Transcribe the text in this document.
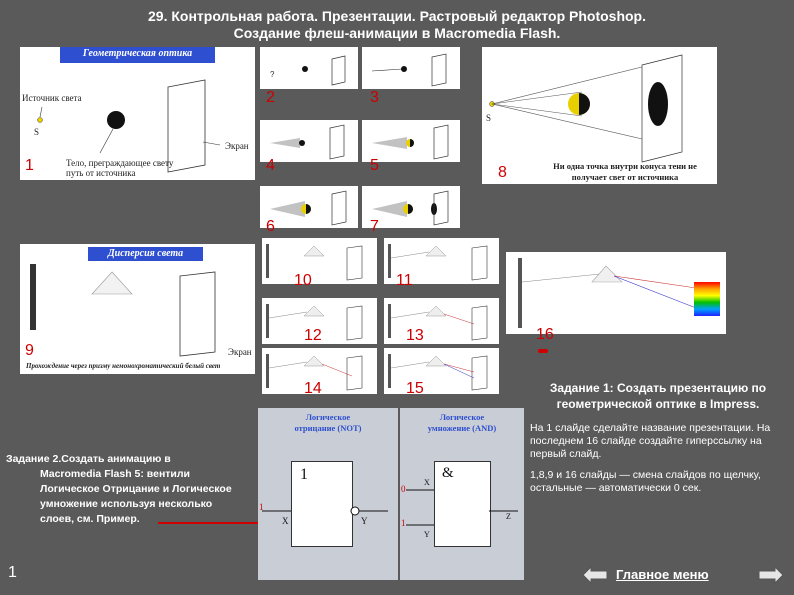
29. Контрольная работа. Презентации. Растровый редактор Photoshop.
Создание флеш-анимации в Macromedia Flash.
Геометрическая оптика
Источник света
S
Экран
Тело, преграждающее свету
путь от источника
?
S
Ни одна точка внутри конуса тени не
получает свет от источника
Дисперсия света
Экран
Прохождение через призму немонохроматический белый свет
1
2	3
4	5
6	7
8
9
10	11
12	13
14	15
16
Задание 1: Создать презентацию по геометрической оптике в Impress.

На 1 слайде сделайте название презентации. На последнем 16 слайде создайте гиперссылку на первый слайд.

1,8,9 и 16 слайды — смена слайдов по щелчку, остальные — автоматически 0 сек.

Логическое
отрицание (NOT)
1
1
X	Y
Логическое
умножение (AND)
&
0
1
X
Y
Z
Задание 2.Создать анимацию в
Macromedia Flash 5: вентили Логическое Отрицание и Логическое умножение используя несколько слоев, см. Пример.
1	Главное меню
